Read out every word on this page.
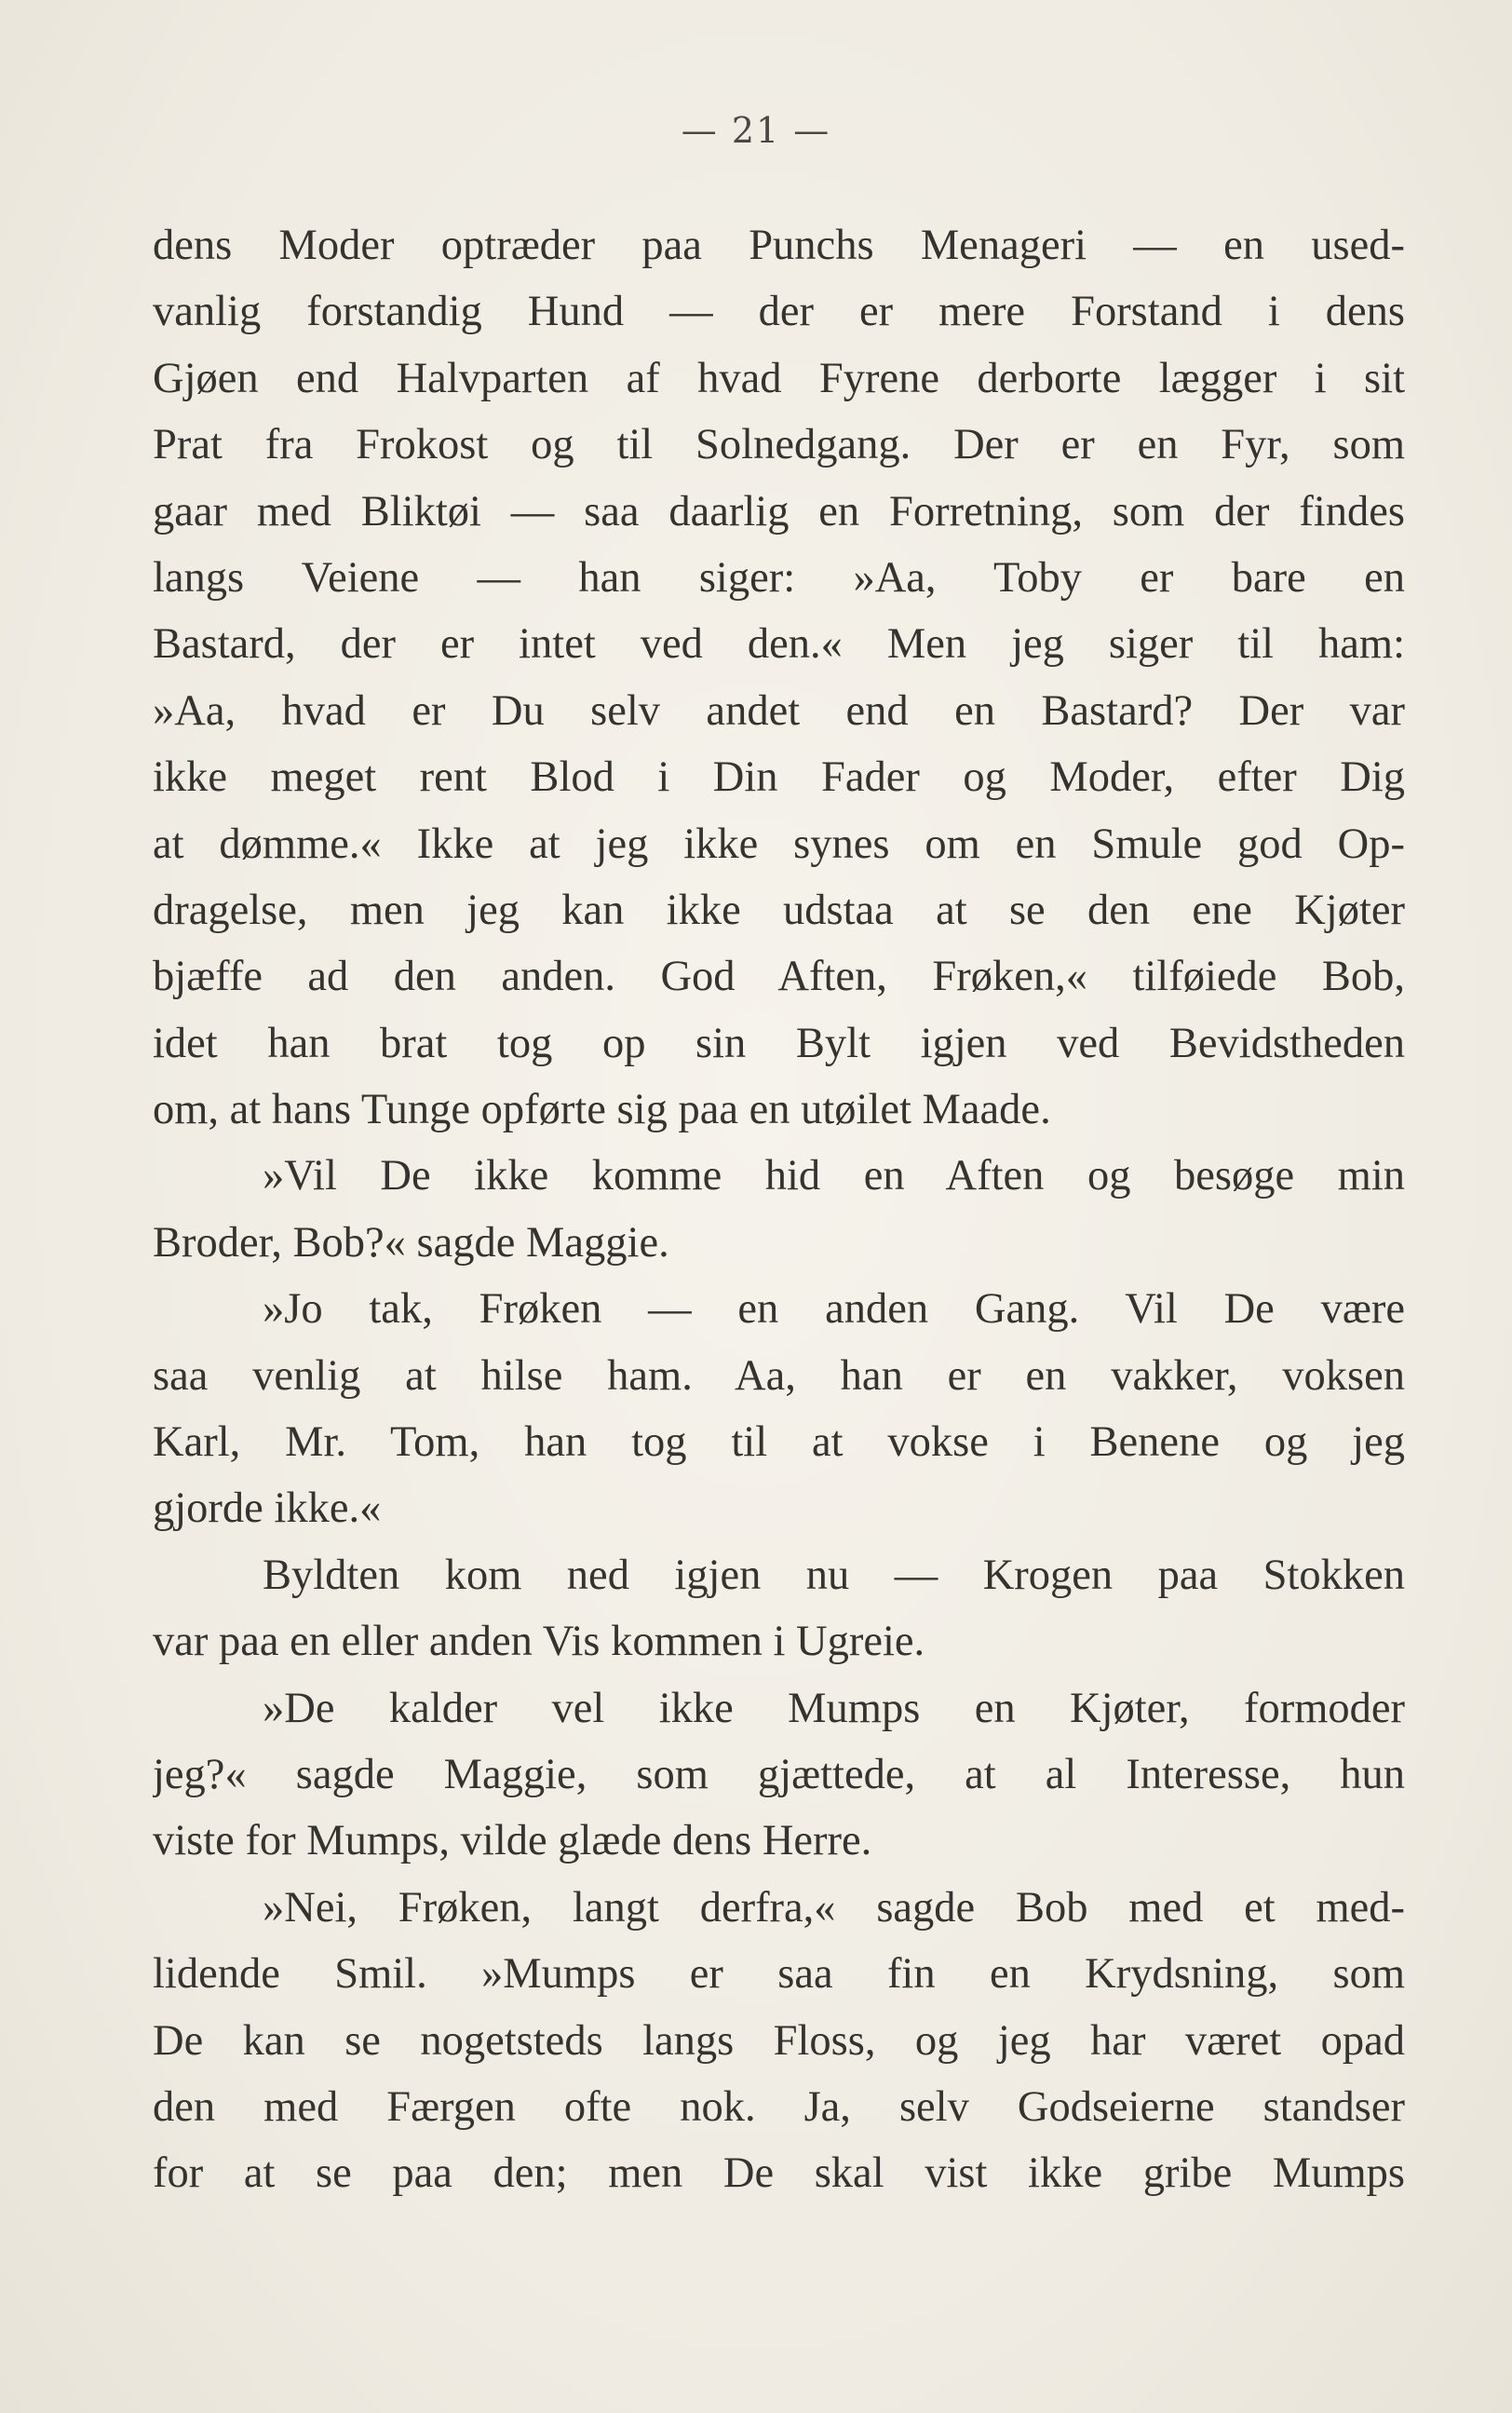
— 21 —
dens Moder optræder paa Punchs Menageri — en used-
vanlig forstandig Hund — der er mere Forstand i dens
Gjøen end Halvparten af hvad Fyrene derborte lægger i sit
Prat fra Frokost og til Solnedgang. Der er en Fyr, som
gaar med Bliktøi — saa daarlig en Forretning, som der findes
langs Veiene — han siger: »Aa, Toby er bare en
Bastard, der er intet ved den.« Men jeg siger til ham:
»Aa, hvad er Du selv andet end en Bastard? Der var
ikke meget rent Blod i Din Fader og Moder, efter Dig
at dømme.« Ikke at jeg ikke synes om en Smule god Op-
dragelse, men jeg kan ikke udstaa at se den ene Kjøter
bjæffe ad den anden. God Aften, Frøken,« tilføiede Bob,
idet han brat tog op sin Bylt igjen ved Bevidstheden
om, at hans Tunge opførte sig paa en utøilet Maade.
»Vil De ikke komme hid en Aften og besøge min
Broder, Bob?« sagde Maggie.
»Jo tak, Frøken — en anden Gang. Vil De være
saa venlig at hilse ham. Aa, han er en vakker, voksen
Karl, Mr. Tom, han tog til at vokse i Benene og jeg
gjorde ikke.«
Byldten kom ned igjen nu — Krogen paa Stokken
var paa en eller anden Vis kommen i Ugreie.
»De kalder vel ikke Mumps en Kjøter, formoder
jeg?« sagde Maggie, som gjættede, at al Interesse, hun
viste for Mumps, vilde glæde dens Herre.
»Nei, Frøken, langt derfra,« sagde Bob med et med-
lidende Smil. »Mumps er saa fin en Krydsning, som
De kan se nogetsteds langs Floss, og jeg har været opad
den med Færgen ofte nok. Ja, selv Godseierne standser
for at se paa den; men De skal vist ikke gribe Mumps
